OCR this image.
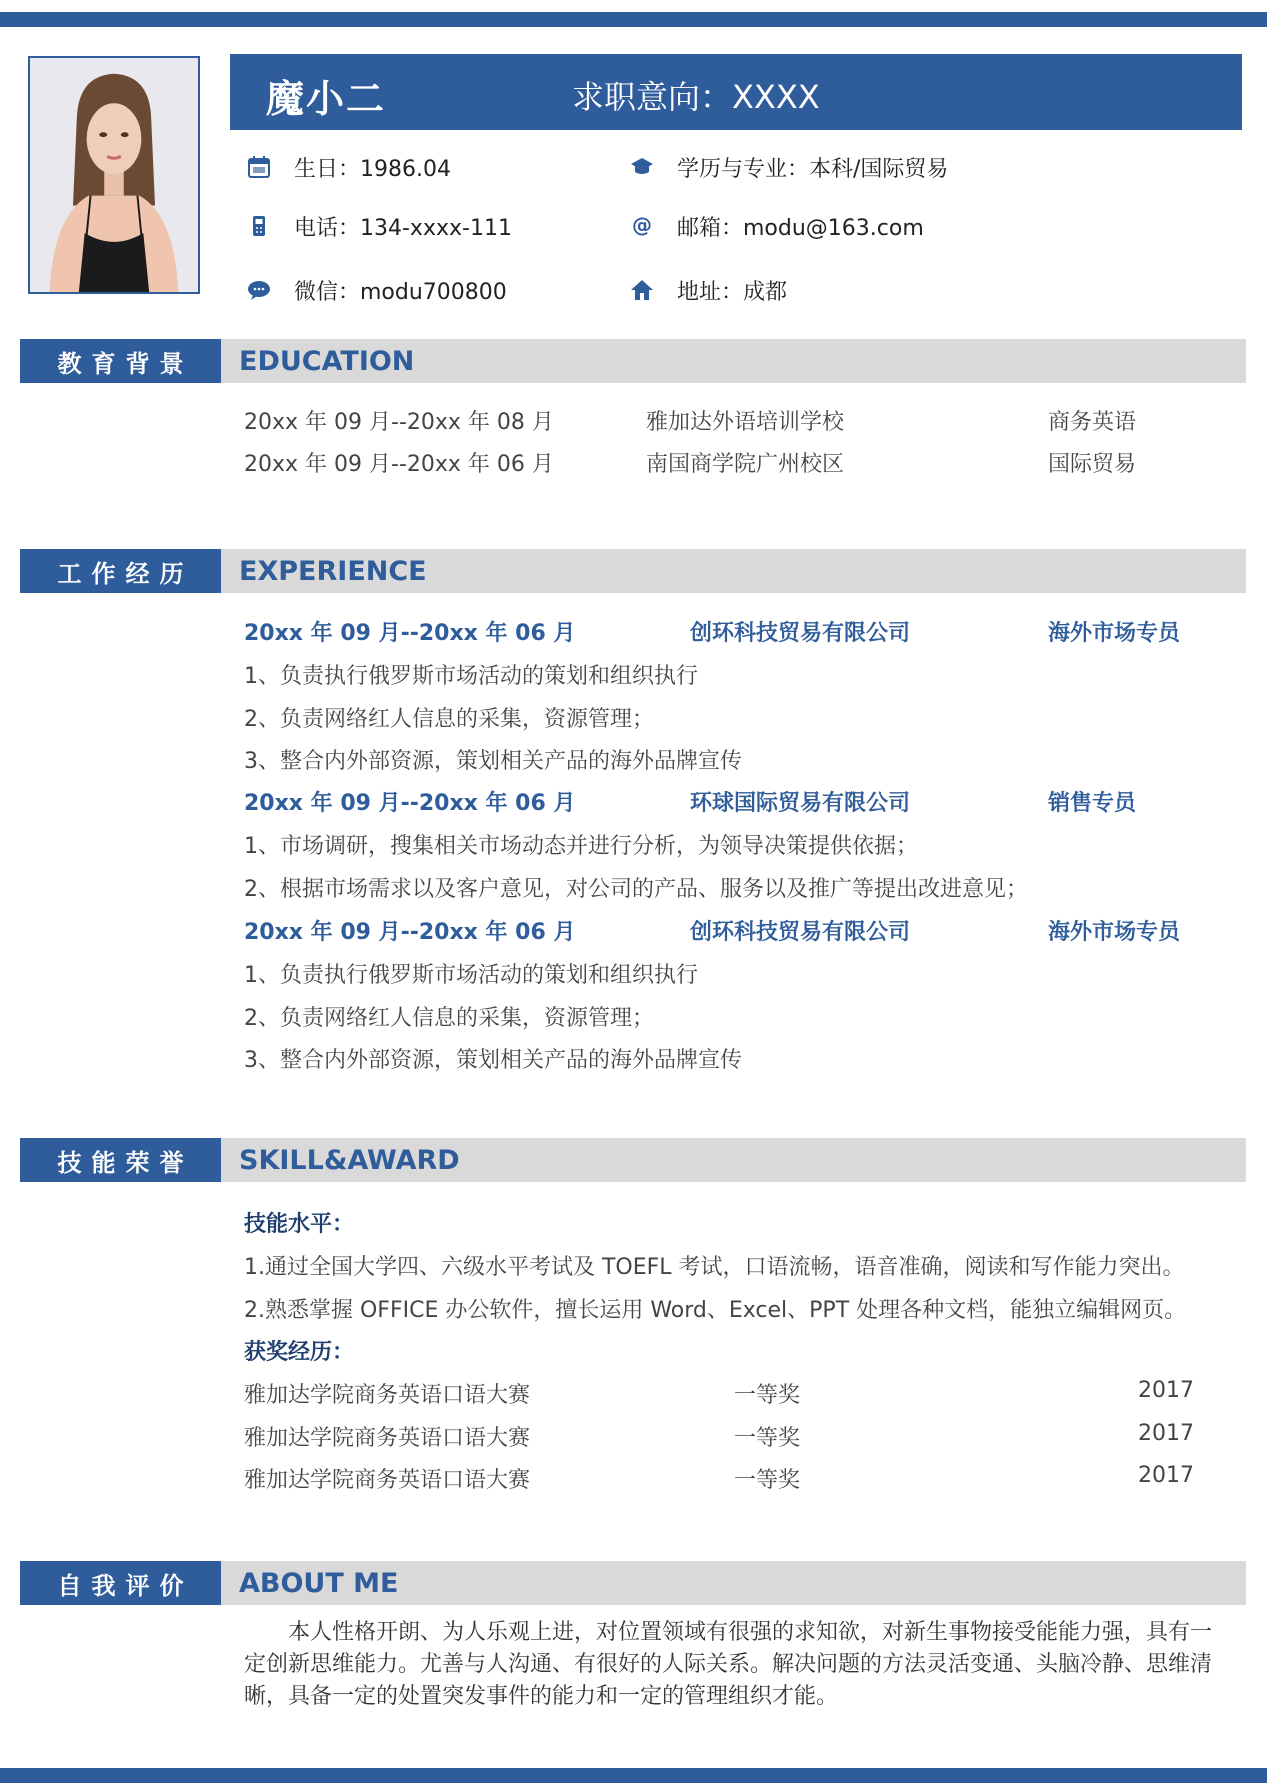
魔小二	求职意向：XXXX
生日：1986.04	学历与专业：本科/国际贸易
电话：134-xxxx-111	@ 邮箱：modu@163.com
微信：modu700800	地址：成都
教育背景	EDUCATION
20xx 年 09 月--20xx 年 08 月	雅加达外语培训学校	商务英语
20xx 年 09 月--20xx 年 06 月	南国商学院广州校区	国际贸易
工作经历	EXPERIENCE
20xx 年 09 月--20xx 年 06 月	创环科技贸易有限公司	海外市场专员
1、负责执行俄罗斯市场活动的策划和组织执行
2、负责网络红人信息的采集，资源管理；
3、整合内外部资源，策划相关产品的海外品牌宣传
20xx 年 09 月--20xx 年 06 月	环球国际贸易有限公司	销售专员
1、市场调研，搜集相关市场动态并进行分析，为领导决策提供依据；
2、根据市场需求以及客户意见，对公司的产品、服务以及推广等提出改进意见；
20xx 年 09 月--20xx 年 06 月	创环科技贸易有限公司	海外市场专员
1、负责执行俄罗斯市场活动的策划和组织执行
2、负责网络红人信息的采集，资源管理；
3、整合内外部资源，策划相关产品的海外品牌宣传
技能荣誉	SKILL&AWARD
技能水平：
1.通过全国大学四、六级水平考试及 TOEFL 考试，口语流畅，语音准确，阅读和写作能力突出。
2.熟悉掌握 OFFICE 办公软件，擅长运用 Word、Excel、PPT 处理各种文档，能独立编辑网页。
获奖经历：
雅加达学院商务英语口语大赛	一等奖	2017
雅加达学院商务英语口语大赛	一等奖	2017
雅加达学院商务英语口语大赛	一等奖	2017
自我评价	ABOUT ME
本人性格开朗、为人乐观上进，对位置领域有很强的求知欲，对新生事物接受能能力强，具有一定创新思维能力。尤善与人沟通、有很好的人际关系。解决问题的方法灵活变通、头脑冷静、思维清晰，具备一定的处置突发事件的能力和一定的管理组织才能。
